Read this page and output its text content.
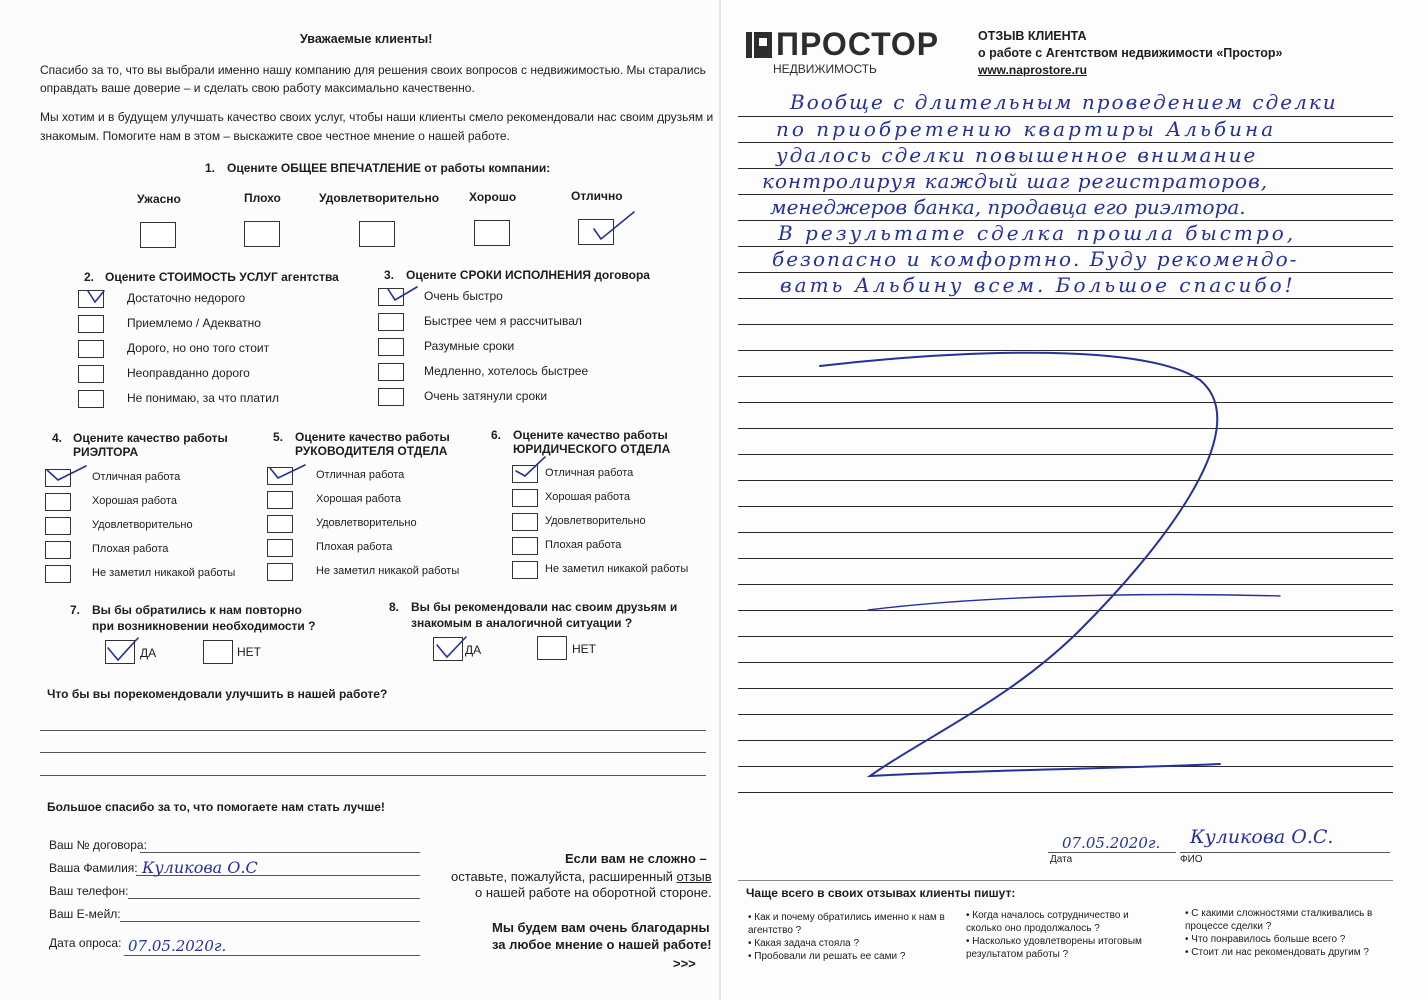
Уважаемые клиенты!
Спасибо за то, что вы выбрали именно нашу компанию для решения своих вопросов с недвижимостью. Мы старались
оправдать ваше доверие – и сделать свою работу максимально качественно.
Мы хотим и в будущем улучшать качество своих услуг, чтобы наши клиенты смело рекомендовали нас своим друзьям и
знакомым. Помогите нам в этом – выскажите свое честное мнение о нашей работе.
1. Оцените ОБЩЕЕ ВПЕЧАТЛЕНИЕ от работы компании:
Ужасно	Плохо	Удовлетворительно Хорошо	Отлично
2. Оцените СТОИМОСТЬ УСЛУГ агентства
Достаточно недорого
Приемлемо / Адекватно
Дорого, но оно того стоит
Неоправданно дорого
Не понимаю, за что платил
3. Оцените СРОКИ ИСПОЛНЕНИЯ договора
Очень быстро
Быстрее чем я рассчитывал
Разумные сроки
Медленно, хотелось быстрее
Очень затянули сроки
4. Оцените качество работы
РИЭЛТОРА
Отличная работа
Хорошая работа
Удовлетворительно
Плохая работа
Не заметил никакой работы
5. Оцените качество работы
РУКОВОДИТЕЛЯ ОТДЕЛА
Отличная работа
Хорошая работа
Удовлетворительно
Плохая работа
Не заметил никакой работы
6. Оцените качество работы
ЮРИДИЧЕСКОГО ОТДЕЛА
Отличная работа
Хорошая работа
Удовлетворительно
Плохая работа
Не заметил никакой работы
7. Вы бы обратились к нам повторно
при возникновении необходимости ?
ДА	НЕТ
8. Вы бы рекомендовали нас своим друзьям и
знакомым в аналогичной ситуации ?
ДА	НЕТ
Что бы вы порекомендовали улучшить в нашей работе?
Большое спасибо за то, что помогаете нам стать лучше!
Ваш № договора:
Ваша Фамилия: Куликова О.С
Ваш телефон:
Ваш Е-мейл:
Дата опроса: 07.05.2020г.
Если вам не сложно –
оставьте, пожалуйста, расширенный отзыв
о нашей работе на оборотной стороне.
Мы будем вам очень благодарны
за любое мнение о нашей работе!
>>>
ПРОСТОР
НЕДВИЖИМОСТЬ
ОТЗЫВ КЛИЕНТА
о работе с Агентством недвижимости «Простор»
www.naprostore.ru
Вообще с длительным проведением сделки
по приобретению квартиры Альбина
удалось сделки повышенное внимание
контролируя каждый шаг регистраторов,
менеджеров банка, продавца его риэлтора.
В результате сделка прошла быстро,
безопасно и комфортно. Буду рекомендо-
вать Альбину всем. Большое спасибо!
07.05.2020г. Куликова О.С.
Дата	ФИО
Чаще всего в своих отзывах клиенты пишут:
• Как и почему обратились именно к нам в агентство ?
• Какая задача стояла ?
• Пробовали ли решать ее сами ?
• Когда началось сотрудничество и сколько оно продолжалось ?
• Насколько удовлетворены итоговым результатом работы ?
• С какими сложностями сталкивались в процессе сделки ?
• Что понравилось больше всего ?
• Стоит ли нас рекомендовать другим ?
